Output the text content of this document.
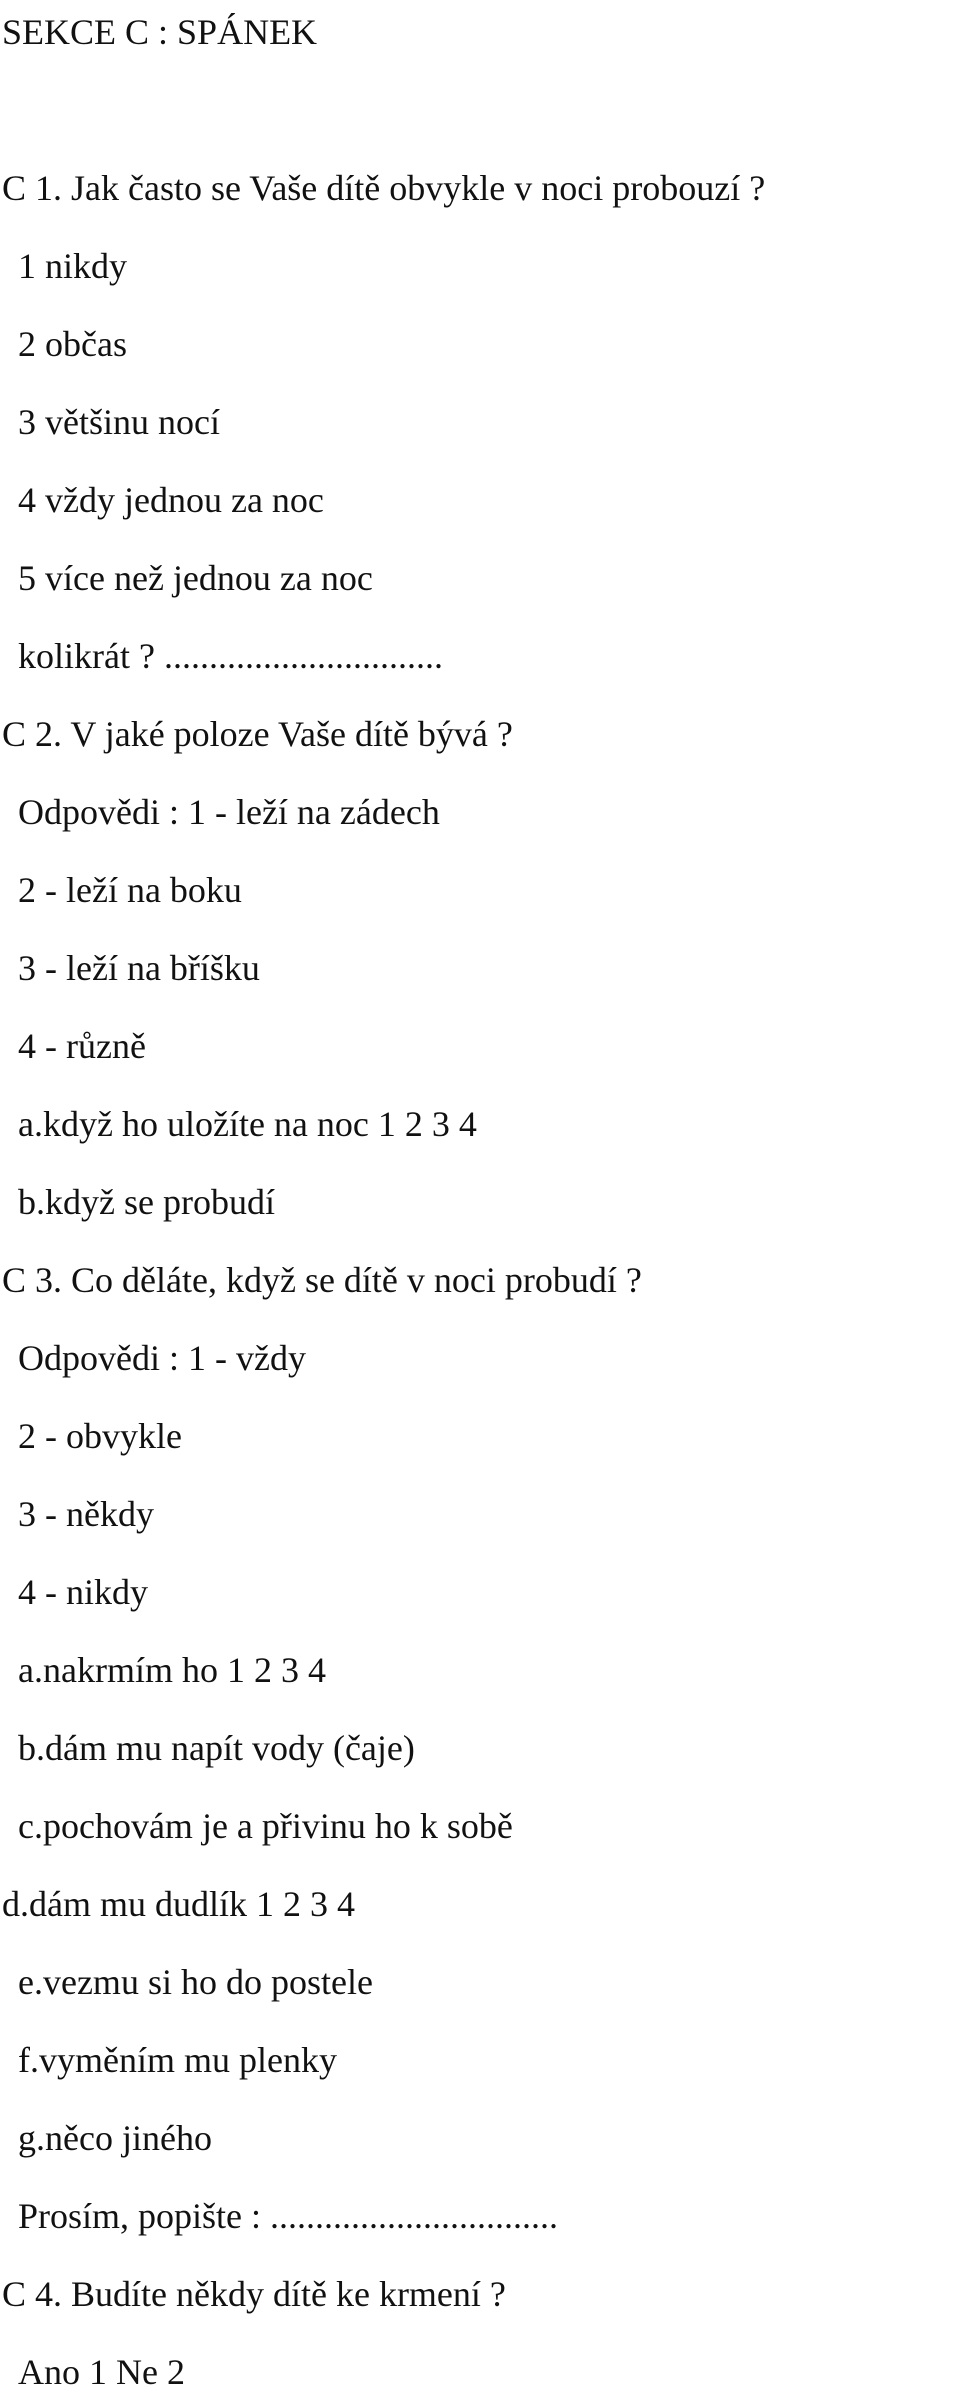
SEKCE C : SPÁNEK
C 1. Jak často se Vaše dítě obvykle v noci probouzí ?
1 nikdy
2 občas
3 většinu nocí
4 vždy jednou za noc
5 více než jednou za noc
kolikrát ? ...............................
C 2. V jaké poloze Vaše dítě bývá ?
Odpovědi : 1 - leží na zádech
2 - leží na boku
3 - leží na bříšku
4 - různě
a.když ho uložíte na noc 1 2 3 4
b.když se probudí
C 3. Co děláte, když se dítě v noci probudí ?
Odpovědi : 1 - vždy
2 - obvykle
3 - někdy
4 - nikdy
a.nakrmím ho 1 2 3 4
b.dám mu napít vody (čaje)
c.pochovám je a přivinu ho k sobě
d.dám mu dudlík 1 2 3 4
e.vezmu si ho do postele
f.vyměním mu plenky
g.něco jiného
Prosím, popište : ................................
C 4. Budíte někdy dítě ke krmení ?
Ano 1 Ne 2
